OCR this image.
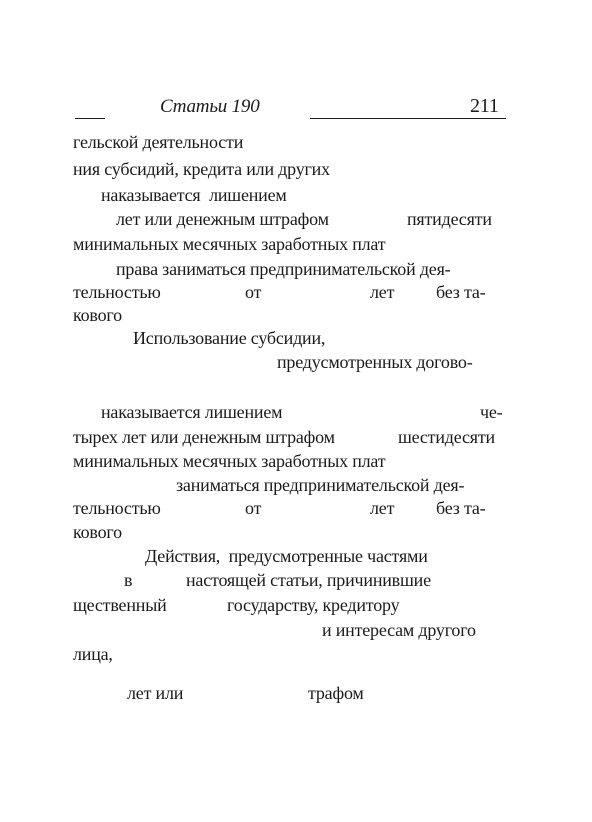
Статьи 190	211
гельской деятельности
ния субсидий, кредита или других
наказывается  лишением
лет или денежным штрафом	пятидесяти
минимальных месячных заработных плат
права заниматься предпринимательской дея-
тельностью	от	лет без та-
кового
Использование субсидии,
предусмотренных догово-
наказывается лишением	че-
тырех лет или денежным штрафом	шестидесяти
минимальных месячных заработных плат
заниматься предпринимательской дея-
тельностью	от	лет без та-
кового
Действия,  предусмотренные частями
в	настоящей статьи, причинившие
щественный	государству, кредитору
и интересам другого
лица,
лет или	трафом
